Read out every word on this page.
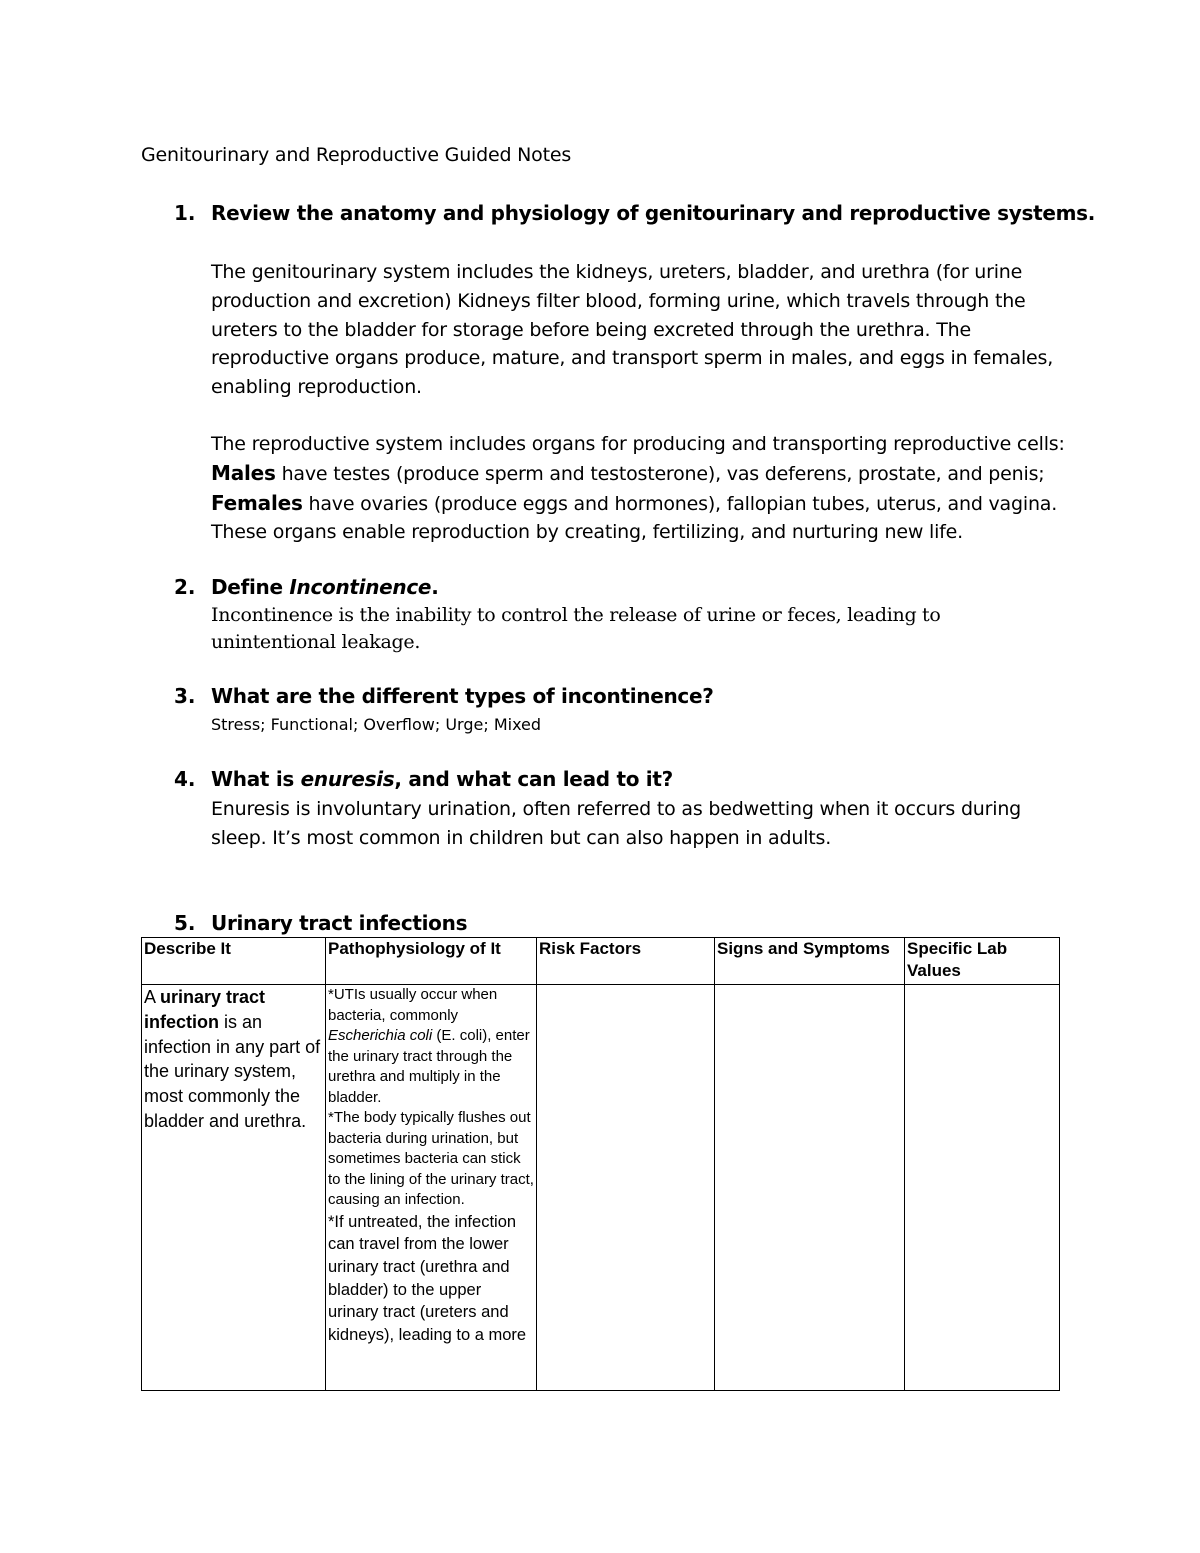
Genitourinary and Reproductive Guided Notes
1. Review the anatomy and physiology of genitourinary and reproductive systems.
The genitourinary system includes the kidneys, ureters, bladder, and urethra (for urine production and excretion) Kidneys filter blood, forming urine, which travels through the ureters to the bladder for storage before being excreted through the urethra. The reproductive organs produce, mature, and transport sperm in males, and eggs in females, enabling reproduction.
The reproductive system includes organs for producing and transporting reproductive cells: Males have testes (produce sperm and testosterone), vas deferens, prostate, and penis; Females have ovaries (produce eggs and hormones), fallopian tubes, uterus, and vagina. These organs enable reproduction by creating, fertilizing, and nurturing new life.
2. Define Incontinence.
Incontinence is the inability to control the release of urine or feces, leading to unintentional leakage.
3. What are the different types of incontinence?
Stress; Functional; Overflow; Urge; Mixed
4. What is enuresis, and what can lead to it?
Enuresis is involuntary urination, often referred to as bedwetting when it occurs during sleep. It’s most common in children but can also happen in adults.
5. Urinary tract infections
Describe It	Pathophysiology of It	Risk Factors	Signs and Symptoms	Specific Lab Values
A urinary tract infection is an infection in any part of the urinary system, most commonly the bladder and urethra.	*UTIs usually occur when bacteria, commonly Escherichia coli (E. coli), enter the urinary tract through the urethra and multiply in the bladder.
*The body typically flushes out bacteria during urination, but sometimes bacteria can stick to the lining of the urinary tract, causing an infection.
*If untreated, the infection can travel from the lower urinary tract (urethra and bladder) to the upper urinary tract (ureters and kidneys), leading to a more			
